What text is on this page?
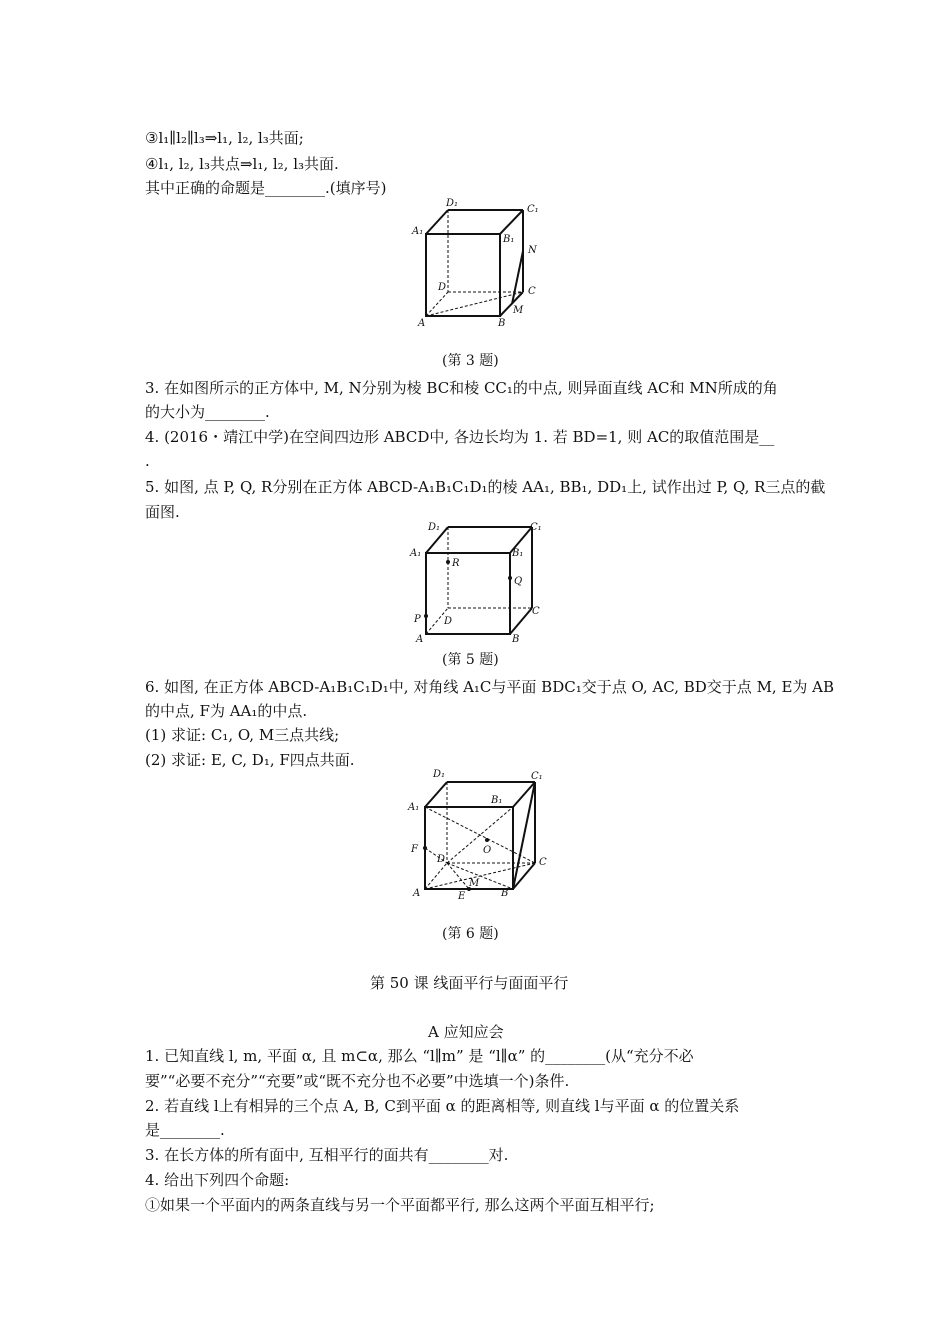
③l₁∥l₂∥l₃⇒l₁, l₂, l₃共面;
④l₁, l₂, l₃共点⇒l₁, l₂, l₃共面.
其中正确的命题是________.(填序号)
D₁
C₁
A₁
B₁
N
D	C
A	B
M
(第 3 题)
3. 在如图所示的正方体中, M, N分别为棱 BC和棱 CC₁的中点, 则异面直线 AC和 MN所成的角
的大小为________.
4. (2016・靖江中学)在空间四边形 ABCD中, 各边长均为 1. 若 BD=1, 则 AC的取值范围是__
.
5. 如图, 点 P, Q, R分别在正方体 ABCD-A₁B₁C₁D₁的棱 AA₁, BB₁, DD₁上, 试作出过 P, Q, R三点的截
面图.
D₁	C₁
A₁	B₁
R
Q
P D
C
A	B
(第 5 题)
6. 如图, 在正方体 ABCD-A₁B₁C₁D₁中, 对角线 A₁C与平面 BDC₁交于点 O, AC, BD交于点 M, E为 AB
的中点, F为 AA₁的中点.
(1) 求证: C₁, O, M三点共线;
(2) 求证: E, C, D₁, F四点共面.
D₁	C₁
A₁
B₁
O
F
D	C
A	B
E
M
(第 6 题)
第 50 课 线面平行与面面平行
A 应知应会
1. 已知直线 l, m, 平面 α, 且 m⊂α, 那么 “l∥m” 是 “l∥α” 的________(从“充分不必
要”“必要不充分”“充要”或“既不充分也不必要”中选填一个)条件.
2. 若直线 l上有相异的三个点 A, B, C到平面 α 的距离相等, 则直线 l与平面 α 的位置关系
是________.
3. 在长方体的所有面中, 互相平行的面共有________对.
4. 给出下列四个命题:
①如果一个平面内的两条直线与另一个平面都平行, 那么这两个平面互相平行;
